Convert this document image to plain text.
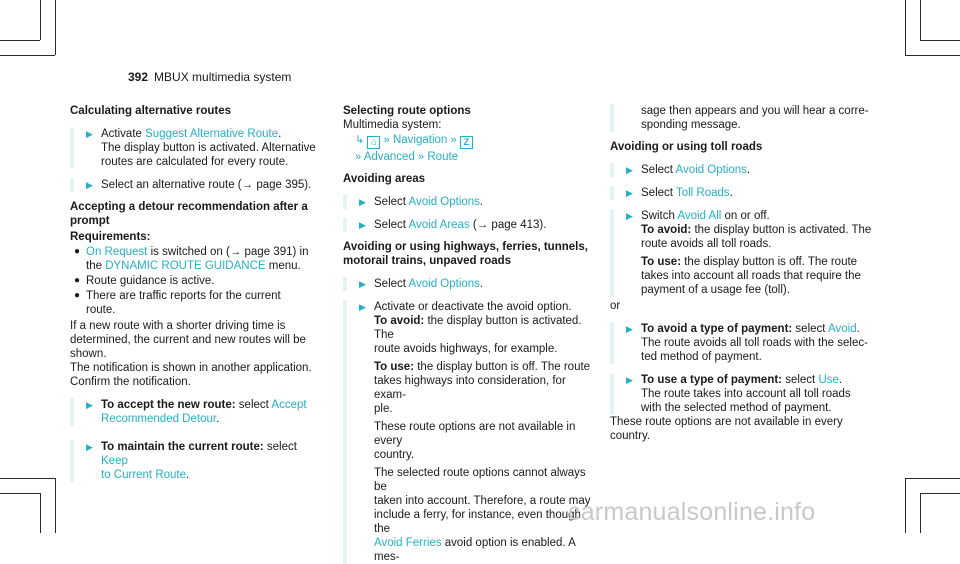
392 MBUX multimedia system
Calculating alternative routes
▶ Activate Suggest Alternative Route.
The display button is activated. Alternative
routes are calculated for every route.
▶ Select an alternative route (→ page 395).
Accepting a detour recommendation after a prompt
Requirements:
● On Request is switched on (→ page 391) in
the DYNAMIC ROUTE GUIDANCE menu.
● Route guidance is active.
● There are traffic reports for the current
route.
If a new route with a shorter driving time is determined, the current and new routes will be shown.
The notification is shown in another application. Confirm the notification.
▶ To accept the new route: select Accept
Recommended Detour.
▶ To maintain the current route: select Keep
to Current Route.
Selecting route options
Multimedia system:
↳ ⌂ » Navigation » Z
» Advanced » Route
Avoiding areas
▶ Select Avoid Options.
▶ Select Avoid Areas (→ page 413).
Avoiding or using highways, ferries, tunnels, motorail trains, unpaved roads
▶ Select Avoid Options.
▶ Activate or deactivate the avoid option.
To avoid: the display button is activated. The
route avoids highways, for example.
To use: the display button is off. The route
takes highways into consideration, for exam-
ple.
These route options are not available in every
country.
The selected route options cannot always be
taken into account. Therefore, a route may
include a ferry, for instance, even though the
Avoid Ferries avoid option is enabled. A mes-
sage then appears and you will hear a corre-
sponding message.
Avoiding or using toll roads
▶ Select Avoid Options.
▶ Select Toll Roads.
▶ Switch Avoid All on or off.
To avoid: the display button is activated. The
route avoids all toll roads.
To use: the display button is off. The route
takes into account all roads that require the
payment of a usage fee (toll).
or
▶ To avoid a type of payment: select Avoid.
The route avoids all toll roads with the selec-
ted method of payment.
▶ To use a type of payment: select Use.
The route takes into account all toll roads
with the selected method of payment.
These route options are not available in every country.
carmanualsonline.info
